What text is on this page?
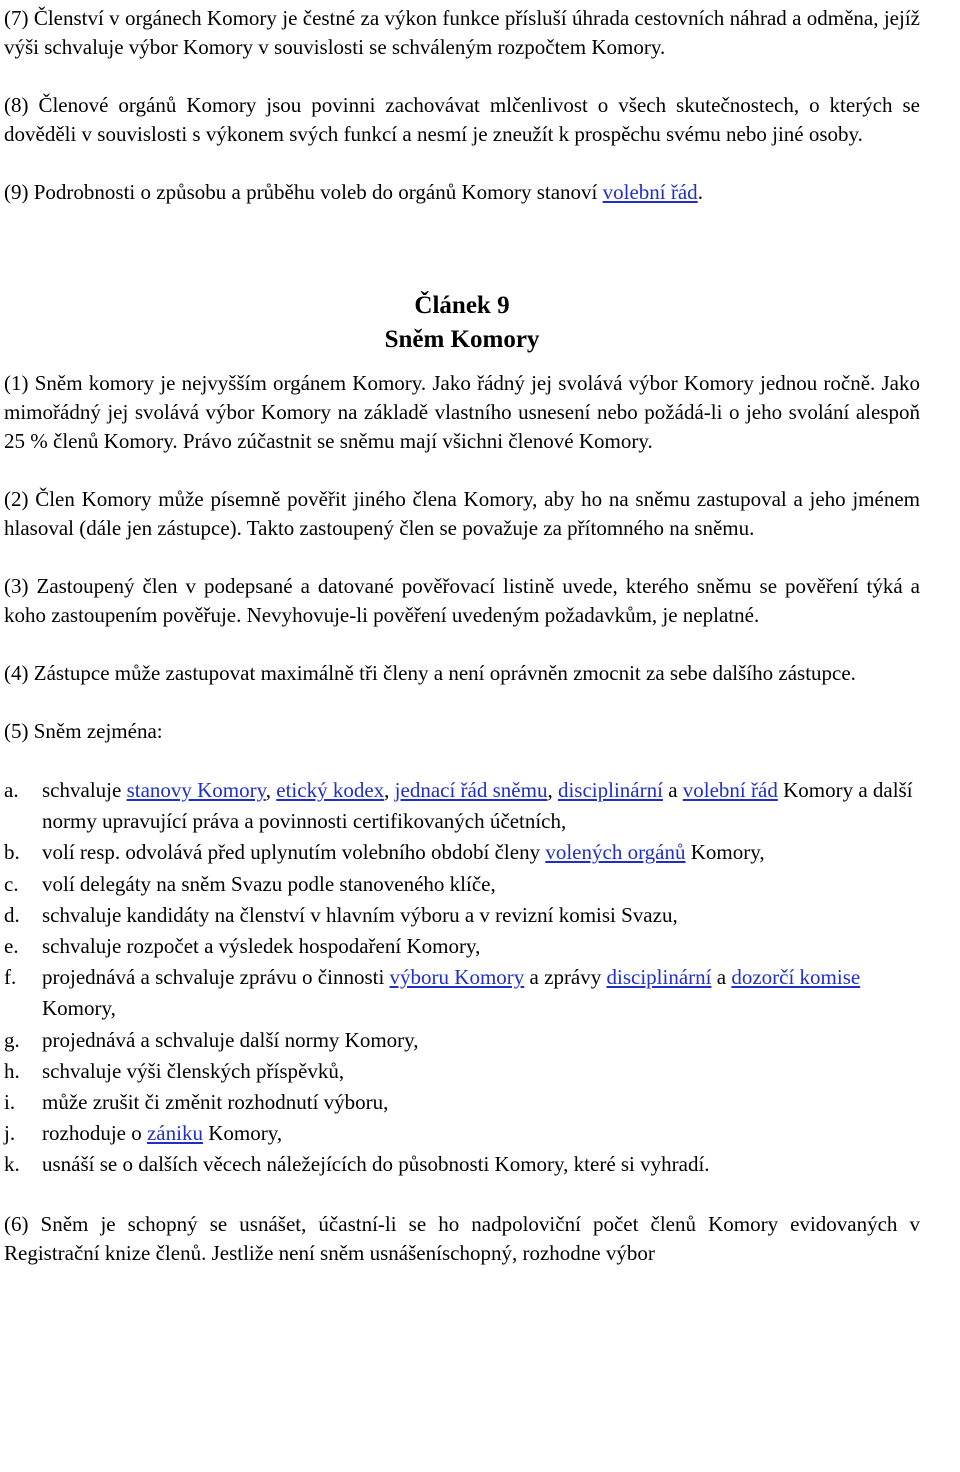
(7) Členství v orgánech Komory je čestné za výkon funkce přísluší úhrada cestovních náhrad a odměna, jejíž výši schvaluje výbor Komory v souvislosti se schváleným rozpočtem Komory.

(8) Členové orgánů Komory jsou povinni zachovávat mlčenlivost o všech skutečnostech, o kterých se dověděli v souvislosti s výkonem svých funkcí a nesmí je zneužít k prospěchu svému nebo jiné osoby.

(9) Podrobnosti o způsobu a průběhu voleb do orgánů Komory stanoví volební řád.

Článek 9
Sněm Komory

(1) Sněm komory je nejvyšším orgánem Komory. Jako řádný jej svolává výbor Komory jednou ročně. Jako mimořádný jej svolává výbor Komory na základě vlastního usnesení nebo požádá-li o jeho svolání alespoň 25 % členů Komory. Právo zúčastnit se sněmu mají všichni členové Komory.

(2) Člen Komory může písemně pověřit jiného člena Komory, aby ho na sněmu zastupoval a jeho jménem hlasoval (dále jen zástupce). Takto zastoupený člen se považuje za přítomného na sněmu.

(3) Zastoupený člen v podepsané a datované pověřovací listině uvede, kterého sněmu se pověření týká a koho zastoupením pověřuje. Nevyhovuje-li pověření uvedeným požadavkům, je neplatné.

(4) Zástupce může zastupovat maximálně tři členy a není oprávněn zmocnit za sebe dalšího zástupce.

(5) Sněm zejména:

a.	schvaluje stanovy Komory, etický kodex, jednací řád sněmu, disciplinární a volební řád Komory a další normy upravující práva a povinnosti certifikovaných účetních,
b.	volí resp. odvolává před uplynutím volebního období členy volených orgánů Komory,
c.	volí delegáty na sněm Svazu podle stanoveného klíče,
d.	schvaluje kandidáty na členství v hlavním výboru a v revizní komisi Svazu,
e.	schvaluje rozpočet a výsledek hospodaření Komory,
f.	projednává a schvaluje zprávu o činnosti výboru Komory a zprávy disciplinární a dozorčí komise Komory,
g.	projednává a schvaluje další normy Komory,
h.	schvaluje výši členských příspěvků,
i.	může zrušit či změnit rozhodnutí výboru,
j.	rozhoduje o zániku Komory,
k.	usnáší se o dalších věcech náležejících do působnosti Komory, které si vyhradí.

(6) Sněm je schopný se usnášet, účastní-li se ho nadpoloviční počet členů Komory evidovaných v Registrační knize členů. Jestliže není sněm usnášeníschopný, rozhodne výbor
